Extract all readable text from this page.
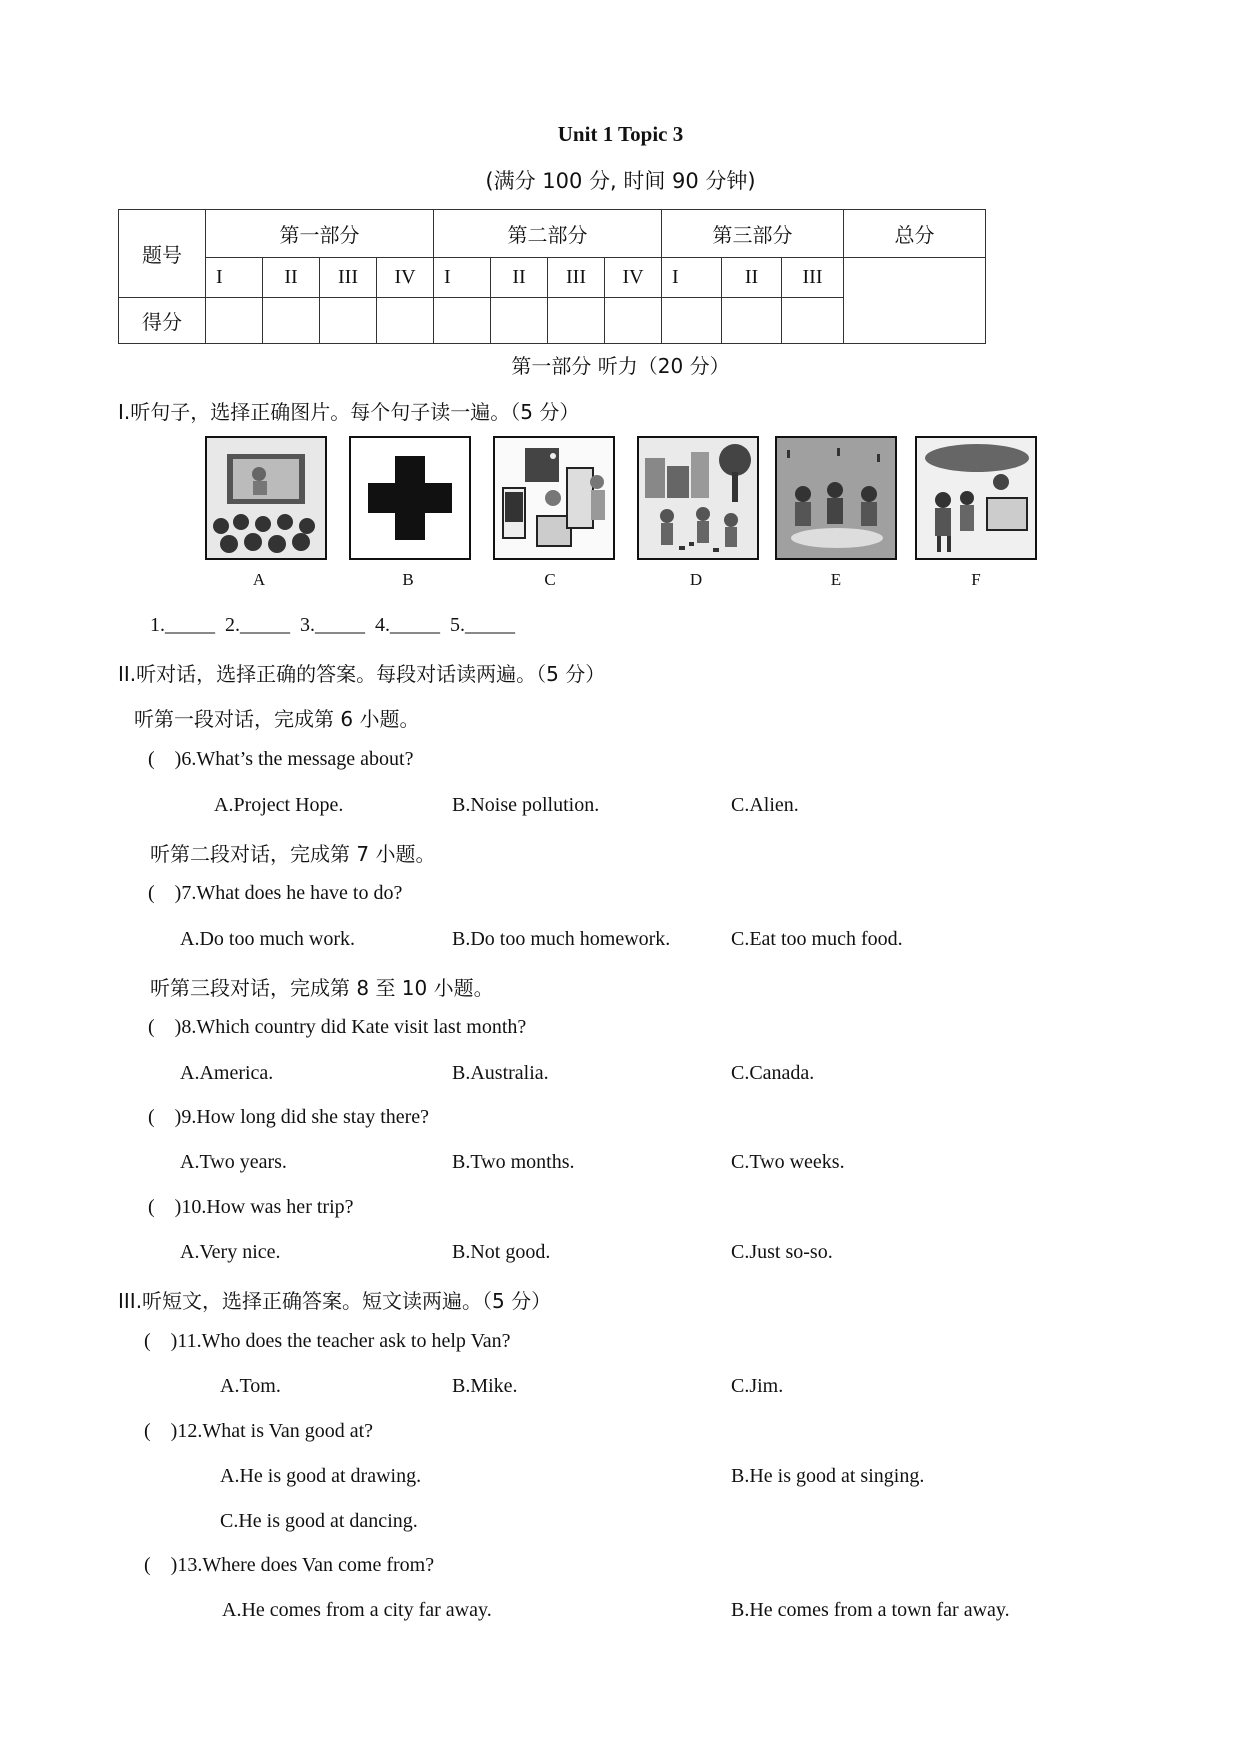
Unit 1 Topic 3
(满分 100 分, 时间 90 分钟)
题号	第一部分				第二部分				第三部分			总分
	I	II	III	IV	I	II	III	IV	I	II	III	
得分												
第一部分 听力（20 分）
I.听句子，选择正确图片。每个句子读一遍。（5 分）
A	B	C	D	E	F
1._____  2._____  3._____  4._____  5._____
II.听对话，选择正确的答案。每段对话读两遍。（5 分）
听第一段对话，完成第 6 小题。
(    )6.What’s the message about?
A.Project Hope.	B.Noise pollution.	C.Alien.
听第二段对话，完成第 7 小题。
(    )7.What does he have to do?
A.Do too much work.	B.Do too much homework.	C.Eat too much food.
听第三段对话，完成第 8 至 10 小题。
(    )8.Which country did Kate visit last month?
A.America.	B.Australia.	C.Canada.
(    )9.How long did she stay there?
A.Two years.	B.Two months.	C.Two weeks.
(    )10.How was her trip?
A.Very nice.	B.Not good.	C.Just so-so.
III.听短文，选择正确答案。短文读两遍。（5 分）
(    )11.Who does the teacher ask to help Van?
A.Tom.	B.Mike.	C.Jim.
(    )12.What is Van good at?
A.He is good at drawing.	B.He is good at singing.
C.He is good at dancing.
(    )13.Where does Van come from?
A.He comes from a city far away.	B.He comes from a town far away.
